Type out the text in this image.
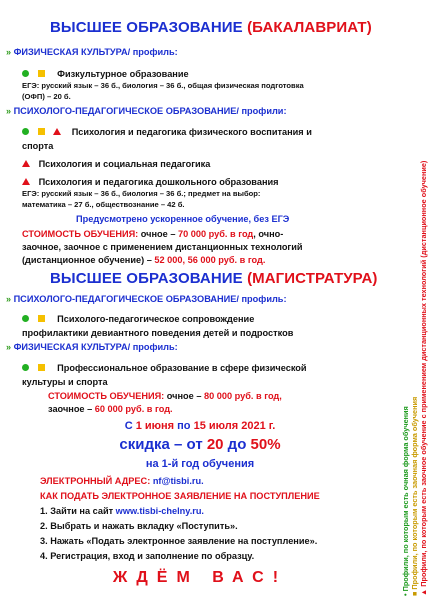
ВЫСШЕЕ ОБРАЗОВАНИЕ (БАКАЛАВРИАТ)
» ФИЗИЧЕСКАЯ КУЛЬТУРА/ профиль:
Физкультурное образование
ЕГЭ: русский язык – 36 б., биология – 36 б., общая физическая подготовка
(ОФП) – 20 б.
» ПСИХОЛОГО-ПЕДАГОГИЧЕСКОЕ ОБРАЗОВАНИЕ/ профили:
Психология и педагогика физического воспитания и
спорта
Психология и социальная педагогика
Психология и педагогика дошкольного образования
ЕГЭ: русский язык – 36 б., биология – 36 б.; предмет на выбор:
математика – 27 б., обществознание – 42 б.
Предусмотрено ускоренное обучение, без ЕГЭ
СТОИМОСТЬ ОБУЧЕНИЯ: очное – 70 000 руб. в год, очно-
заочное, заочное с применением дистанционных технологий
(дистанционное обучение) – 52 000, 56 000 руб. в год.
ВЫСШЕЕ ОБРАЗОВАНИЕ (МАГИСТРАТУРА)
» ПСИХОЛОГО-ПЕДАГОГИЧЕСКОЕ ОБРАЗОВАНИЕ/ профиль:
Психолого-педагогическое сопровождение
профилактики девиантного поведения детей и подростков
» ФИЗИЧЕСКАЯ КУЛЬТУРА/ профиль:
Профессиональное образование в сфере физической
культуры и спорта
СТОИМОСТЬ ОБУЧЕНИЯ: очное – 80 000 руб. в год,
заочное – 60 000 руб. в год.
С 1 июня по 15 июля 2021 г.
скидка – от 20 до 50%
на 1-й год обучения
ЭЛЕКТРОННЫЙ АДРЕС: nf@tisbi.ru.
КАК ПОДАТЬ ЭЛЕКТРОННОЕ ЗАЯВЛЕНИЕ НА ПОСТУПЛЕНИЕ
1. Зайти на сайт www.tisbi-chelny.ru.
2. Выбрать и нажать вкладку «Поступить».
3. Нажать «Подать электронное заявление на поступление».
4. Регистрация, вход и заполнение по образцу.
ЖДЁМ ВАС!	• Профили, по которым есть очная форма обучения ■ Профили, по которым есть заочная форма обучения ▲ Профили, по которым есть заочное обучение с применением дистанционных технологий (дистанционное обучение)
